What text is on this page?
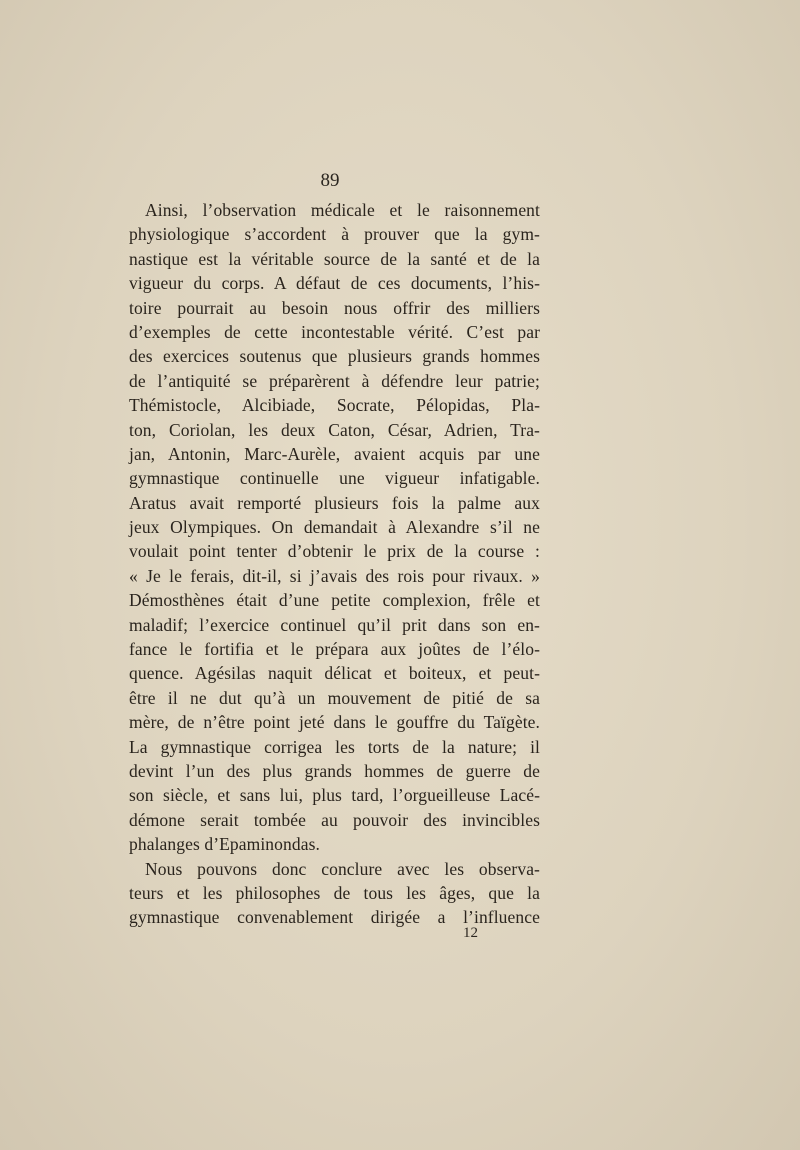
89
Ainsi, l’observation médicale et le raisonnement
physiologique s’accordent à prouver que la gym-
nastique est la véritable source de la santé et de la
vigueur du corps. A défaut de ces documents, l’his-
toire pourrait au besoin nous offrir des milliers
d’exemples de cette incontestable vérité. C’est par
des exercices soutenus que plusieurs grands hommes
de l’antiquité se préparèrent à défendre leur patrie;
Thémistocle, Alcibiade, Socrate, Pélopidas, Pla-
ton, Coriolan, les deux Caton, César, Adrien, Tra-
jan, Antonin, Marc-Aurèle, avaient acquis par une
gymnastique continuelle une vigueur infatigable.
Aratus avait remporté plusieurs fois la palme aux
jeux Olympiques. On demandait à Alexandre s’il ne
voulait point tenter d’obtenir le prix de la course :
« Je le ferais, dit-il, si j’avais des rois pour rivaux. »
Démosthènes était d’une petite complexion, frêle et
maladif; l’exercice continuel qu’il prit dans son en-
fance le fortifia et le prépara aux joûtes de l’élo-
quence. Agésilas naquit délicat et boiteux, et peut-
être il ne dut qu’à un mouvement de pitié de sa
mère, de n’être point jeté dans le gouffre du Taïgète.
La gymnastique corrigea les torts de la nature; il
devint l’un des plus grands hommes de guerre de
son siècle, et sans lui, plus tard, l’orgueilleuse Lacé-
démone serait tombée au pouvoir des invincibles
phalanges d’Epaminondas.
Nous pouvons donc conclure avec les observa-
teurs et les philosophes de tous les âges, que la
gymnastique convenablement dirigée a l’influence
12
